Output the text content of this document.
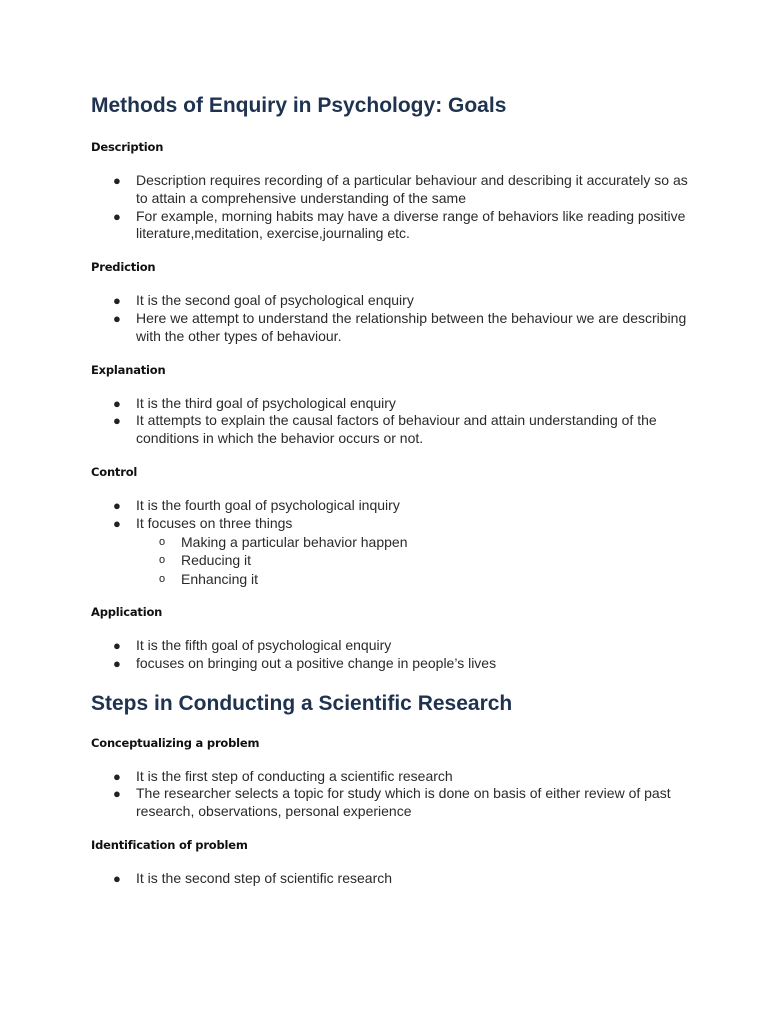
Methods of Enquiry in Psychology: Goals
Description
● Description requires recording of a particular behaviour and describing it accurately so as to attain a comprehensive understanding of the same
● For example, morning habits may have a diverse range of behaviors like reading positive literature,meditation, exercise,journaling etc.
Prediction
● It is the second goal of psychological enquiry
● Here we attempt to understand the relationship between the behaviour we are describing with the other types of behaviour.
Explanation
● It is the third goal of psychological enquiry
● It attempts to explain the causal factors of behaviour and attain understanding of the conditions in which the behavior occurs or not.
Control
● It is the fourth goal of psychological inquiry
● It focuses on three things
o Making a particular behavior happen
o Reducing it
o Enhancing it
Application
● It is the fifth goal of psychological enquiry
● focuses on bringing out a positive change in people’s lives
Steps in Conducting a Scientific Research
Conceptualizing a problem
● It is the first step of conducting a scientific research
● The researcher selects a topic for study which is done on basis of either review of past research, observations, personal experience
Identification of problem
● It is the second step of scientific research
